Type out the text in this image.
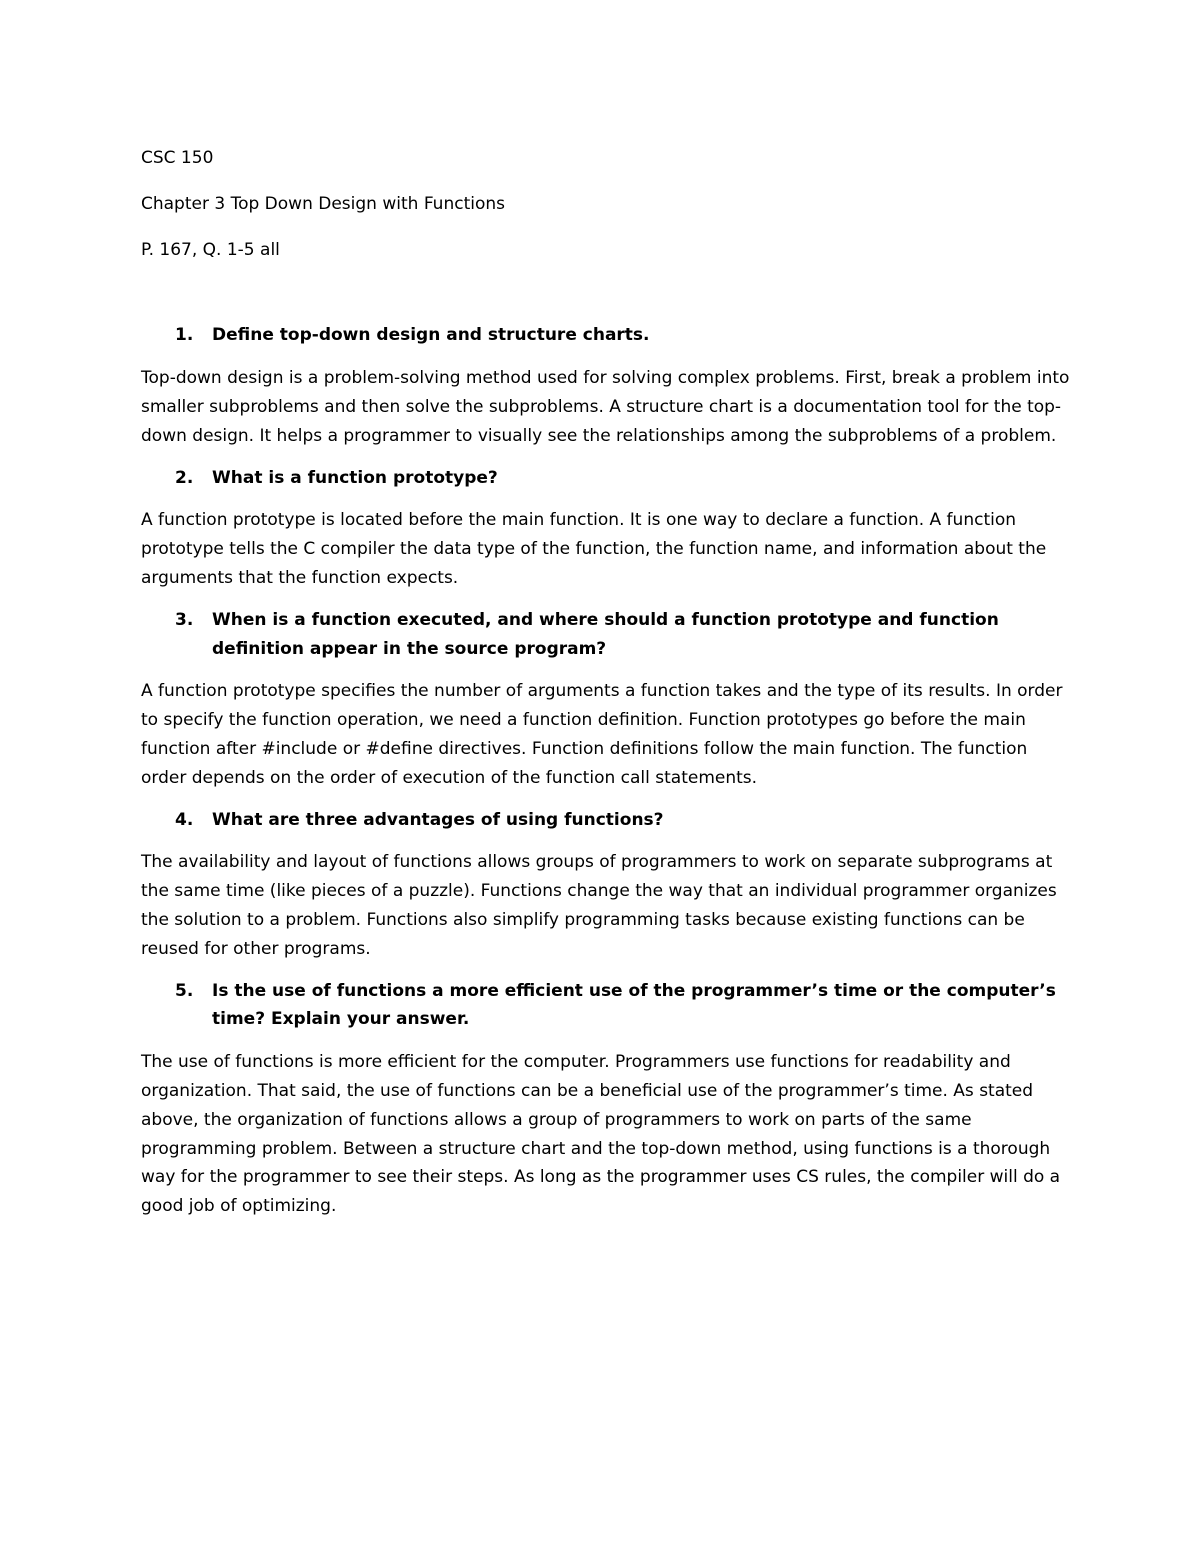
CSC 150
Chapter 3 Top Down Design with Functions
P. 167, Q. 1-5 all
1. Define top-down design and structure charts.
Top-down design is a problem-solving method used for solving complex problems. First, break a problem into smaller subproblems and then solve the subproblems. A structure chart is a documentation tool for the top-down design. It helps a programmer to visually see the relationships among the subproblems of a problem.
2. What is a function prototype?
A function prototype is located before the main function. It is one way to declare a function. A function prototype tells the C compiler the data type of the function, the function name, and information about the arguments that the function expects.
3. When is a function executed, and where should a function prototype and function definition appear in the source program?
A function prototype specifies the number of arguments a function takes and the type of its results. In order to specify the function operation, we need a function definition. Function prototypes go before the main function after #include or #define directives. Function definitions follow the main function. The function order depends on the order of execution of the function call statements.
4. What are three advantages of using functions?
The availability and layout of functions allows groups of programmers to work on separate subprograms at the same time (like pieces of a puzzle). Functions change the way that an individual programmer organizes the solution to a problem. Functions also simplify programming tasks because existing functions can be reused for other programs.
5. Is the use of functions a more efficient use of the programmer’s time or the computer’s time? Explain your answer.
The use of functions is more efficient for the computer. Programmers use functions for readability and organization. That said, the use of functions can be a beneficial use of the programmer’s time. As stated above, the organization of functions allows a group of programmers to work on parts of the same programming problem. Between a structure chart and the top-down method, using functions is a thorough way for the programmer to see their steps. As long as the programmer uses CS rules, the compiler will do a good job of optimizing.
